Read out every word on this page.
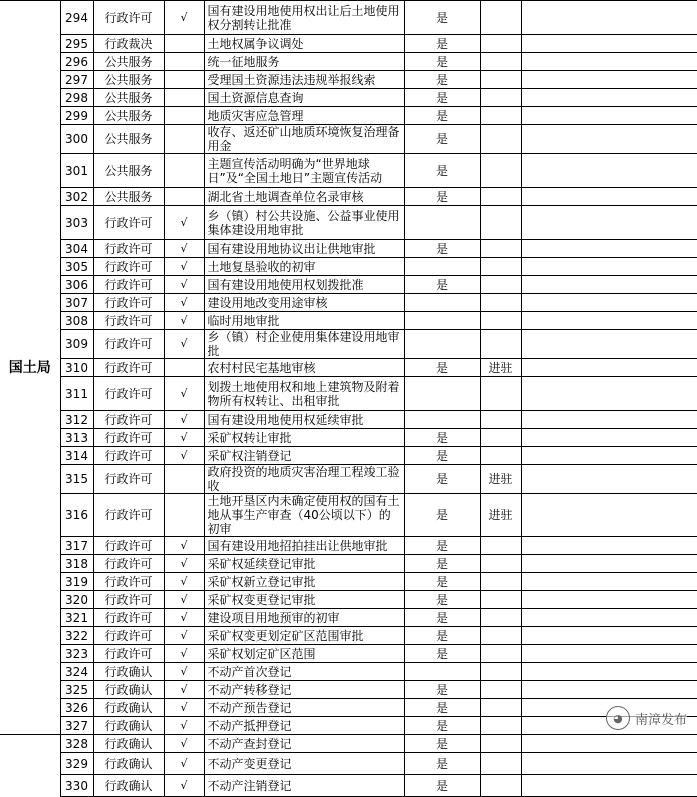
国土局	294	行政许可	√	国有建设用地使用权出让后土地使用权分割转让批准	是		
	295	行政裁决		土地权属争议调处	是		
	296	公共服务		统一征地服务	是		
	297	公共服务		受理国土资源违法违规举报线索	是		
	298	公共服务		国土资源信息查询	是		
	299	公共服务		地质灾害应急管理	是		
	300	公共服务		收存、返还矿山地质环境恢复治理备用金	是		
	301	公共服务		主题宣传活动明确为“世界地球日”及“全国土地日”主题宣传活动	是		
	302	公共服务		湖北省土地调查单位名录审核	是		
	303	行政许可	√	乡（镇）村公共设施、公益事业使用集体建设用地审批			
	304	行政许可	√	国有建设用地协议出让供地审批	是		
	305	行政许可	√	土地复垦验收的初审			
	306	行政许可	√	国有建设用地使用权划拨批准	是		
	307	行政许可	√	建设用地改变用途审核			
	308	行政许可	√	临时用地审批			
	309	行政许可	√	乡（镇）村企业使用集体建设用地审批			
	310	行政许可		农村村民宅基地审核	是	进驻	
	311	行政许可	√	划拨土地使用权和地上建筑物及附着物所有权转让、出租审批			
	312	行政许可	√	国有建设用地使用权延续审批			
	313	行政许可	√	采矿权转让审批	是		
	314	行政许可	√	采矿权注销登记	是		
	315	行政许可		政府投资的地质灾害治理工程竣工验收	是	进驻	
	316	行政许可		土地开垦区内未确定使用权的国有土地从事生产审查（40公顷以下）的初审	是	进驻	
	317	行政许可	√	国有建设用地招拍挂出让供地审批	是		
	318	行政许可	√	采矿权延续登记审批	是		
	319	行政许可	√	采矿权新立登记审批	是		
	320	行政许可	√	采矿权变更登记审批	是		
	321	行政许可	√	建设项目用地预审的初审	是		
	322	行政许可	√	采矿权变更划定矿区范围审批	是		
	323	行政许可	√	采矿权划定矿区范围	是		
	324	行政确认	√	不动产首次登记			
	325	行政确认	√	不动产转移登记	是		
	326	行政确认	√	不动产预告登记	是		
	327	行政确认	√	不动产抵押登记	是		
	328	行政确认	√	不动产查封登记	是		
	329	行政确认	√	不动产变更登记	是		
	330	行政确认	√	不动产注销登记	是		
◕ 南漳发布
